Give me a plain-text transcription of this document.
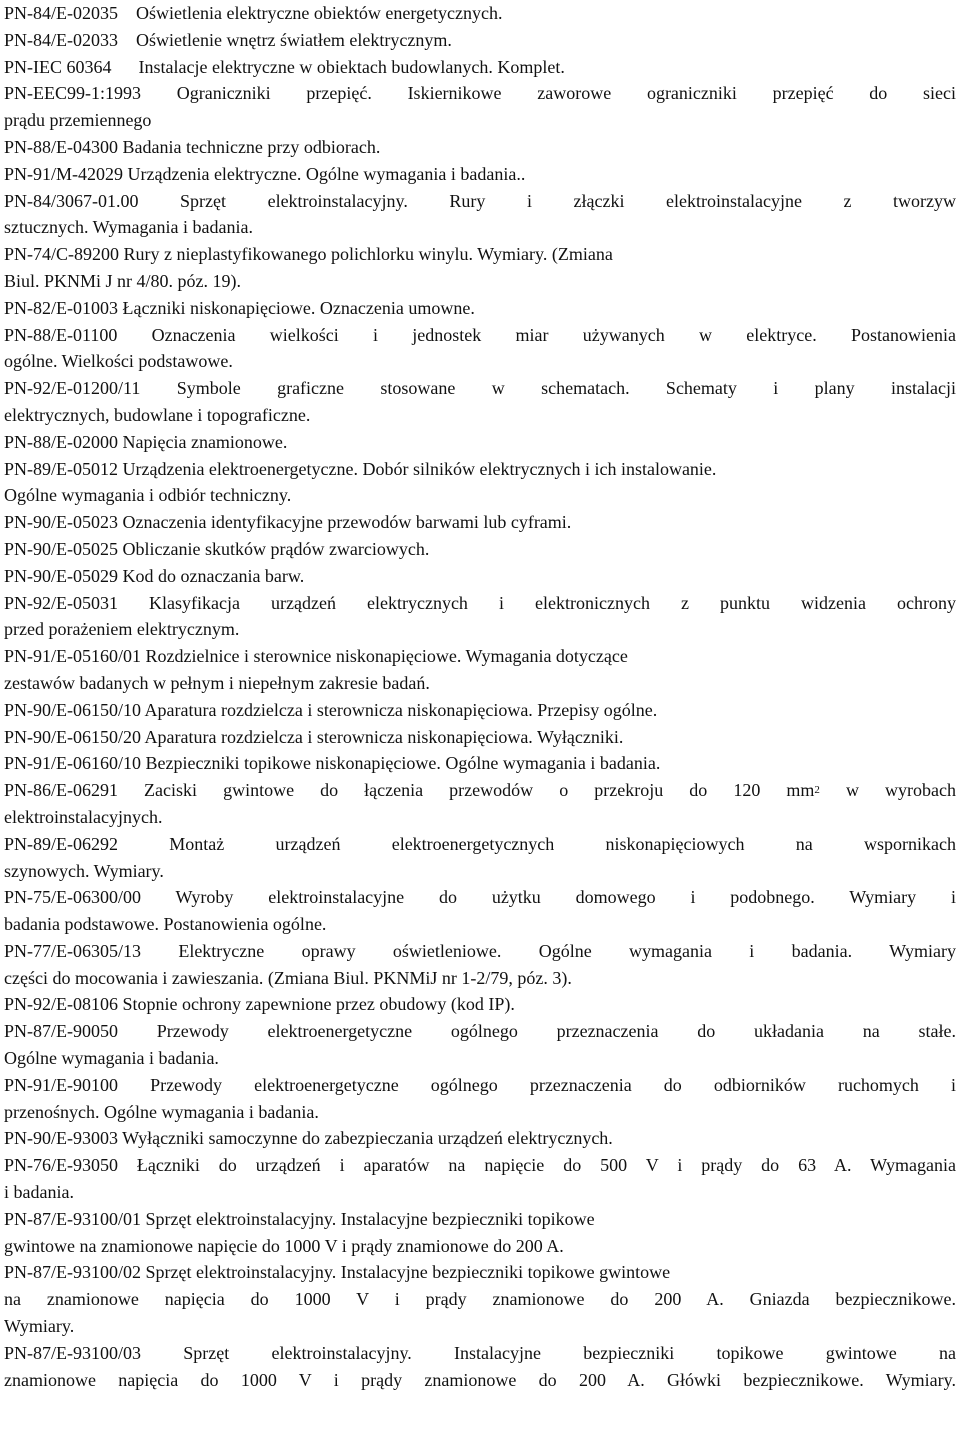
PN-84/E-02035    Oświetlenia elektryczne obiektów energetycznych.
PN-84/E-02033    Oświetlenie wnętrz światłem elektrycznym.
PN-IEC 60364      Instalacje elektryczne w obiektach budowlanych. Komplet.
PN-EEC99-1:1993 Ograniczniki przepięć. Iskiernikowe zaworowe ograniczniki przepięć do sieci
prądu przemiennego
PN-88/E-04300 Badania techniczne przy odbiorach.
PN-91/M-42029 Urządzenia elektryczne. Ogólne wymagania i badania..
PN-84/3067-01.00 Sprzęt elektroinstalacyjny. Rury i złączki elektroinstalacyjne z tworzyw
sztucznych. Wymagania i badania.
PN-74/C-89200 Rury z nieplastyfikowanego polichlorku winylu. Wymiary. (Zmiana
Biul. PKNMi J nr 4/80. póz. 19).
PN-82/E-01003 Łączniki niskonapięciowe. Oznaczenia umowne.
PN-88/E-01100 Oznaczenia wielkości i jednostek miar używanych w elektryce. Postanowienia
ogólne. Wielkości podstawowe.
PN-92/E-01200/11 Symbole graficzne stosowane w schematach. Schematy i plany instalacji
elektrycznych, budowlane i topograficzne.
PN-88/E-02000 Napięcia znamionowe.
PN-89/E-05012 Urządzenia elektroenergetyczne. Dobór silników elektrycznych i ich instalowanie.
Ogólne wymagania i odbiór techniczny.
PN-90/E-05023 Oznaczenia identyfikacyjne przewodów barwami lub cyframi.
PN-90/E-05025 Obliczanie skutków prądów zwarciowych.
PN-90/E-05029 Kod do oznaczania barw.
PN-92/E-05031 Klasyfikacja urządzeń elektrycznych i elektronicznych z punktu widzenia ochrony
przed porażeniem elektrycznym.
PN-91/E-05160/01 Rozdzielnice i sterownice niskonapięciowe. Wymagania dotyczące
zestawów badanych w pełnym i niepełnym zakresie badań.
PN-90/E-06150/10 Aparatura rozdzielcza i sterownicza niskonapięciowa. Przepisy ogólne.
PN-90/E-06150/20 Aparatura rozdzielcza i sterownicza niskonapięciowa. Wyłączniki.
PN-91/E-06160/10 Bezpieczniki topikowe niskonapięciowe. Ogólne wymagania i badania.
PN-86/E-06291 Zaciski gwintowe do łączenia przewodów o przekroju do 120 $mm^2$ w wyrobach
elektroinstalacyjnych.
PN-89/E-06292 Montaż urządzeń elektroenergetycznych niskonapięciowych na wspornikach
szynowych. Wymiary.
PN-75/E-06300/00 Wyroby elektroinstalacyjne do użytku domowego i podobnego. Wymiary i
badania podstawowe. Postanowienia ogólne.
PN-77/E-06305/13 Elektryczne oprawy oświetleniowe. Ogólne wymagania i badania. Wymiary
części do mocowania i zawieszania. (Zmiana Biul. PKNMiJ nr 1-2/79, póz. 3).
PN-92/E-08106 Stopnie ochrony zapewnione przez obudowy (kod IP).
PN-87/E-90050 Przewody elektroenergetyczne ogólnego przeznaczenia do układania na stałe.
Ogólne wymagania i badania.
PN-91/E-90100 Przewody elektroenergetyczne ogólnego przeznaczenia do odbiorników ruchomych i
przenośnych. Ogólne wymagania i badania.
PN-90/E-93003 Wyłączniki samoczynne do zabezpieczania urządzeń elektrycznych.
PN-76/E-93050 Łączniki do urządzeń i aparatów na napięcie do 500 V i prądy do 63 A. Wymagania
i badania.
PN-87/E-93100/01 Sprzęt elektroinstalacyjny. Instalacyjne bezpieczniki topikowe
gwintowe na znamionowe napięcie do 1000 V i prądy znamionowe do 200 A.
PN-87/E-93100/02 Sprzęt elektroinstalacyjny. Instalacyjne bezpieczniki topikowe gwintowe
na znamionowe napięcia do 1000 V i prądy znamionowe do 200 A. Gniazda bezpiecznikowe.
Wymiary.
PN-87/E-93100/03 Sprzęt elektroinstalacyjny. Instalacyjne bezpieczniki topikowe gwintowe na
znamionowe napięcia do 1000 V i prądy znamionowe do 200 A. Główki bezpiecznikowe. Wymiary.
